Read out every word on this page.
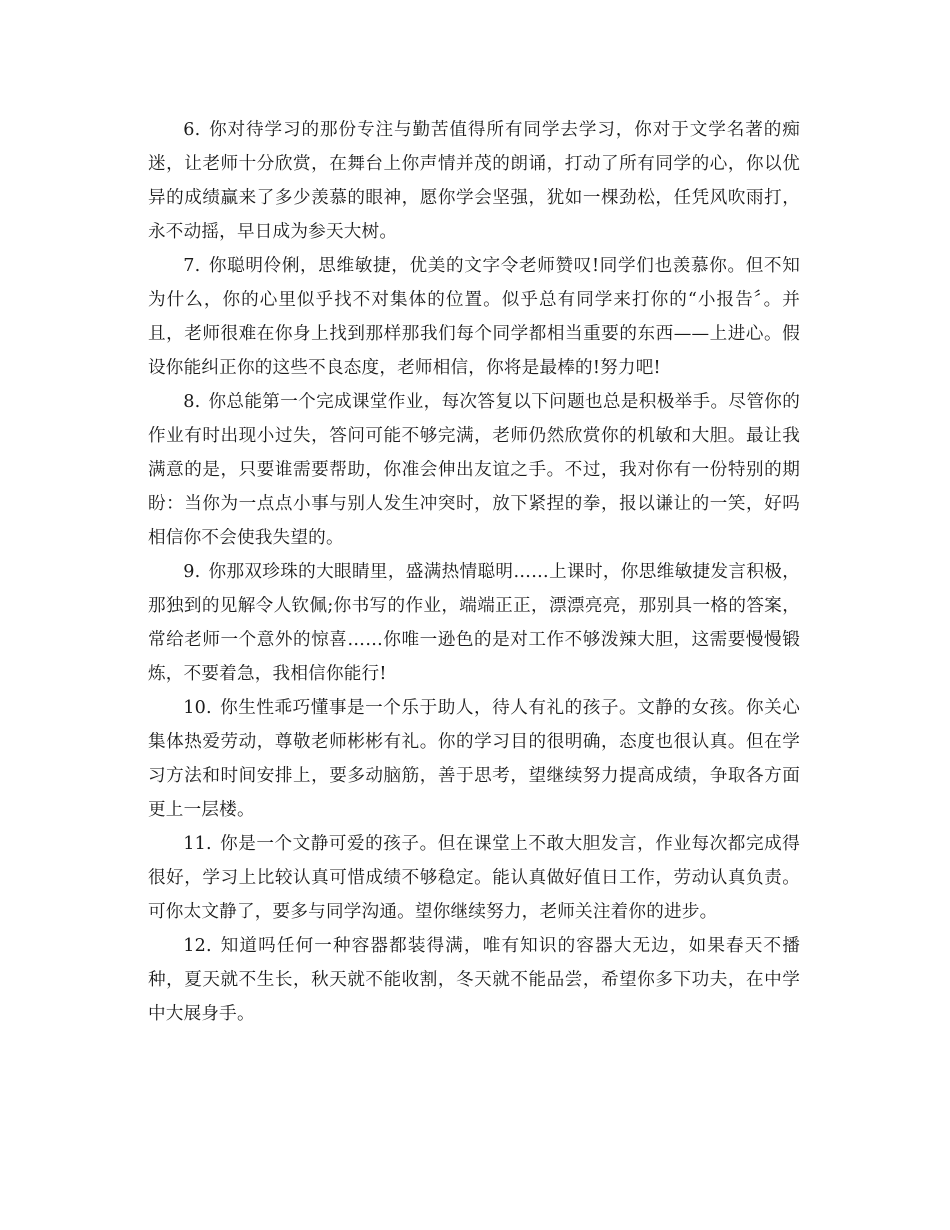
6. 你对待学习的那份专注与勤苦值得所有同学去学习，你对于文学名著的痴迷，让老师十分欣赏，在舞台上你声情并茂的朗诵，打动了所有同学的心，你以优异的成绩赢来了多少羡慕的眼神，愿你学会坚强，犹如一棵劲松，任凭风吹雨打，永不动摇，早日成为参天大树。

7. 你聪明伶俐，思维敏捷，优美的文字令老师赞叹!同学们也羡慕你。但不知为什么，你的心里似乎找不对集体的位置。似乎总有同学来打你的“小报告〞。并且，老师很难在你身上找到那样那我们每个同学都相当重要的东西——上进心。假设你能纠正你的这些不良态度，老师相信，你将是最棒的!努力吧!

8. 你总能第一个完成课堂作业，每次答复以下问题也总是积极举手。尽管你的作业有时出现小过失，答问可能不够完满，老师仍然欣赏你的机敏和大胆。最让我满意的是，只要谁需要帮助，你准会伸出友谊之手。不过，我对你有一份特别的期盼：当你为一点点小事与别人发生冲突时，放下紧捏的拳，报以谦让的一笑，好吗相信你不会使我失望的。

9. 你那双珍珠的大眼睛里，盛满热情聪明……上课时，你思维敏捷发言积极，那独到的见解令人钦佩;你书写的作业，端端正正，漂漂亮亮，那别具一格的答案，常给老师一个意外的惊喜……你唯一逊色的是对工作不够泼辣大胆，这需要慢慢锻炼，不要着急，我相信你能行!

10. 你生性乖巧懂事是一个乐于助人，待人有礼的孩子。文静的女孩。你关心集体热爱劳动，尊敬老师彬彬有礼。你的学习目的很明确，态度也很认真。但在学习方法和时间安排上，要多动脑筋，善于思考，望继续努力提高成绩，争取各方面更上一层楼。

11. 你是一个文静可爱的孩子。但在课堂上不敢大胆发言，作业每次都完成得很好，学习上比较认真可惜成绩不够稳定。能认真做好值日工作，劳动认真负责。可你太文静了，要多与同学沟通。望你继续努力，老师关注着你的进步。

12. 知道吗任何一种容器都装得满，唯有知识的容器大无边，如果春天不播种，夏天就不生长，秋天就不能收割，冬天就不能品尝，希望你多下功夫，在中学中大展身手。
